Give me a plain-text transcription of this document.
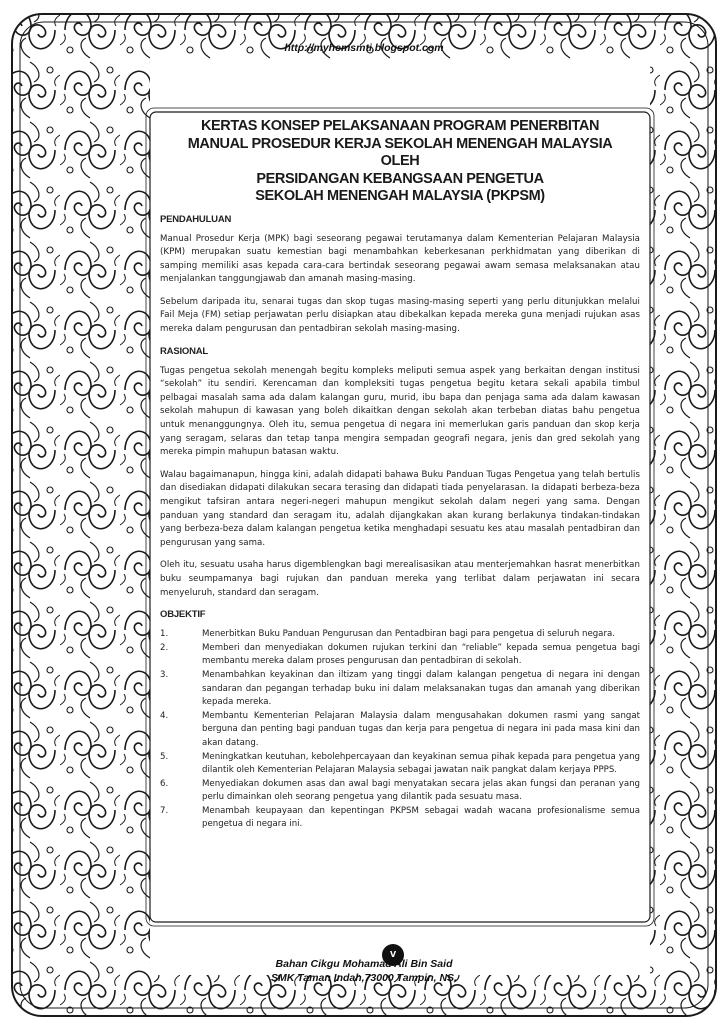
http://myhemsmti.blogspot.com
KERTAS KONSEP PELAKSANAAN PROGRAM PENERBITAN
MANUAL PROSEDUR KERJA SEKOLAH MENENGAH MALAYSIA
OLEH
PERSIDANGAN KEBANGSAAN PENGETUA
SEKOLAH MENENGAH MALAYSIA (PKPSM)
PENDAHULUAN

Manual Prosedur Kerja (MPK) bagi seseorang pegawai terutamanya dalam Kementerian Pelajaran Malaysia (KPM) merupakan suatu kemestian bagi menambahkan keberkesanan perkhidmatan yang diberikan di samping memiliki asas kepada cara-cara bertindak seseorang pegawai awam semasa melaksanakan atau menjalankan tanggungjawab dan amanah masing-masing.

Sebelum daripada itu, senarai tugas dan skop tugas masing-masing seperti yang perlu ditunjukkan melalui Fail Meja (FM) setiap perjawatan perlu disiapkan atau dibekalkan kepada mereka guna menjadi rujukan asas mereka dalam pengurusan dan pentadbiran sekolah masing-masing.

RASIONAL

Tugas pengetua sekolah menengah begitu kompleks meliputi semua aspek yang berkaitan dengan institusi “sekolah” itu sendiri. Kerencaman dan kompleksiti tugas pengetua begitu ketara sekali apabila timbul pelbagai masalah sama ada dalam kalangan guru, murid, ibu bapa dan penjaga sama ada dalam kawasan sekolah mahupun di kawasan yang boleh dikaitkan dengan sekolah akan terbeban diatas bahu pengetua untuk menanggungnya. Oleh itu, semua pengetua di negara ini memerlukan garis panduan dan skop kerja yang seragam, selaras dan tetap tanpa mengira sempadan geografi negara, jenis dan gred sekolah yang mereka pimpin mahupun batasan waktu.

Walau bagaimanapun, hingga kini, adalah didapati bahawa Buku Panduan Tugas Pengetua yang telah bertulis dan disediakan didapati dilakukan secara terasing dan didapati tiada penyelarasan. Ia didapati berbeza-beza mengikut tafsiran antara negeri-negeri mahupun mengikut sekolah dalam negeri yang sama. Dengan panduan yang standard dan seragam itu, adalah dijangkakan akan kurang berlakunya tindakan-tindakan yang berbeza-beza dalam kalangan pengetua ketika menghadapi sesuatu kes atau masalah pentadbiran dan pengurusan yang sama.

Oleh itu, sesuatu usaha harus digemblengkan bagi merealisasikan atau menterjemahkan hasrat menerbitkan buku seumpamanya bagi rujukan dan panduan mereka yang terlibat dalam perjawatan ini secara menyeluruh, standard dan seragam.

OBJEKTIF
1.	Menerbitkan Buku Panduan Pengurusan dan Pentadbiran bagi para pengetua di seluruh negara.
2.	Memberi dan menyediakan dokumen rujukan terkini dan “reliable” kepada semua pengetua bagi membantu mereka dalam proses pengurusan dan pentadbiran di sekolah.
3.	Menambahkan keyakinan dan iltizam yang tinggi dalam kalangan pengetua di negara ini dengan sandaran dan pegangan terhadap buku ini dalam melaksanakan tugas dan amanah yang diberikan kepada mereka.
4.	Membantu Kementerian Pelajaran Malaysia dalam mengusahakan dokumen rasmi yang sangat berguna dan penting bagi panduan tugas dan kerja para pengetua di negara ini pada masa kini dan akan datang.
5.	Meningkatkan keutuhan, kebolehpercayaan dan keyakinan semua pihak kepada para pengetua yang dilantik oleh Kementerian Pelajaran Malaysia sebagai jawatan naik pangkat dalam kerjaya PPPS.
6.	Menyediakan dokumen asas dan awal bagi menyatakan secara jelas akan fungsi dan peranan yang perlu dimainkan oleh seorang pengetua yang dilantik pada sesuatu masa.
7.	Menambah keupayaan dan kepentingan PKPSM sebagai wadah wacana profesionalisme semua pengetua di negara ini.
v
Bahan Cikgu Mohamad Ali Bin Said
SMK Taman Indah,73000 Tampin, NS.
